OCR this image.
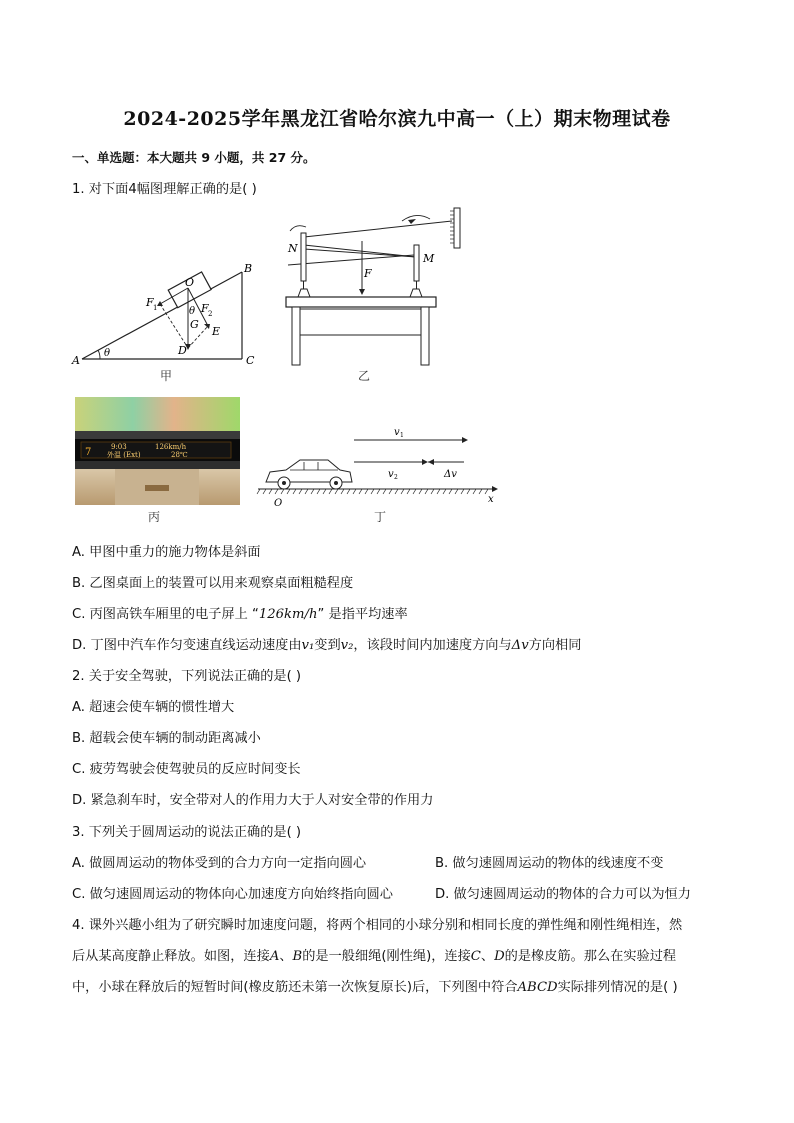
2024-2025学年黑龙江省哈尔滨九中高一（上）期末物理试卷
一、单选题：本大题共 9 小题，共 27 分。
1. 对下面4幅图理解正确的是( )
A
B
C
D
E
O
G
F 1	F 2
θ
θ
甲
N
M
F
乙
7	9:03	126km/h
外温 (Ext)	28℃
丙
v 1
v 2	Δv
O	x
丁
A. 甲图中重力的施力物体是斜面
B. 乙图桌面上的装置可以用来观察桌面粗糙程度
C. 丙图高铁车厢里的电子屏上 “126km/h” 是指平均速率
D. 丁图中汽车作匀变速直线运动速度由v₁变到v₂，该段时间内加速度方向与Δv方向相同
2. 关于安全驾驶，下列说法正确的是( )
A. 超速会使车辆的惯性增大
B. 超载会使车辆的制动距离减小
C. 疲劳驾驶会使驾驶员的反应时间变长
D. 紧急刹车时，安全带对人的作用力大于人对安全带的作用力
3. 下列关于圆周运动的说法正确的是( )
A. 做圆周运动的物体受到的合力方向一定指向圆心	B. 做匀速圆周运动的物体的线速度不变
C. 做匀速圆周运动的物体向心加速度方向始终指向圆心	D. 做匀速圆周运动的物体的合力可以为恒力
4. 课外兴趣小组为了研究瞬时加速度问题，将两个相同的小球分别和相同长度的弹性绳和刚性绳相连，然
后从某高度静止释放。如图，连接A、B的是一般细绳(刚性绳)，连接C、D的是橡皮筋。那么在实验过程
中，小球在释放后的短暂时间(橡皮筋还未第一次恢复原长)后，下列图中符合ABCD实际排列情况的是( )
